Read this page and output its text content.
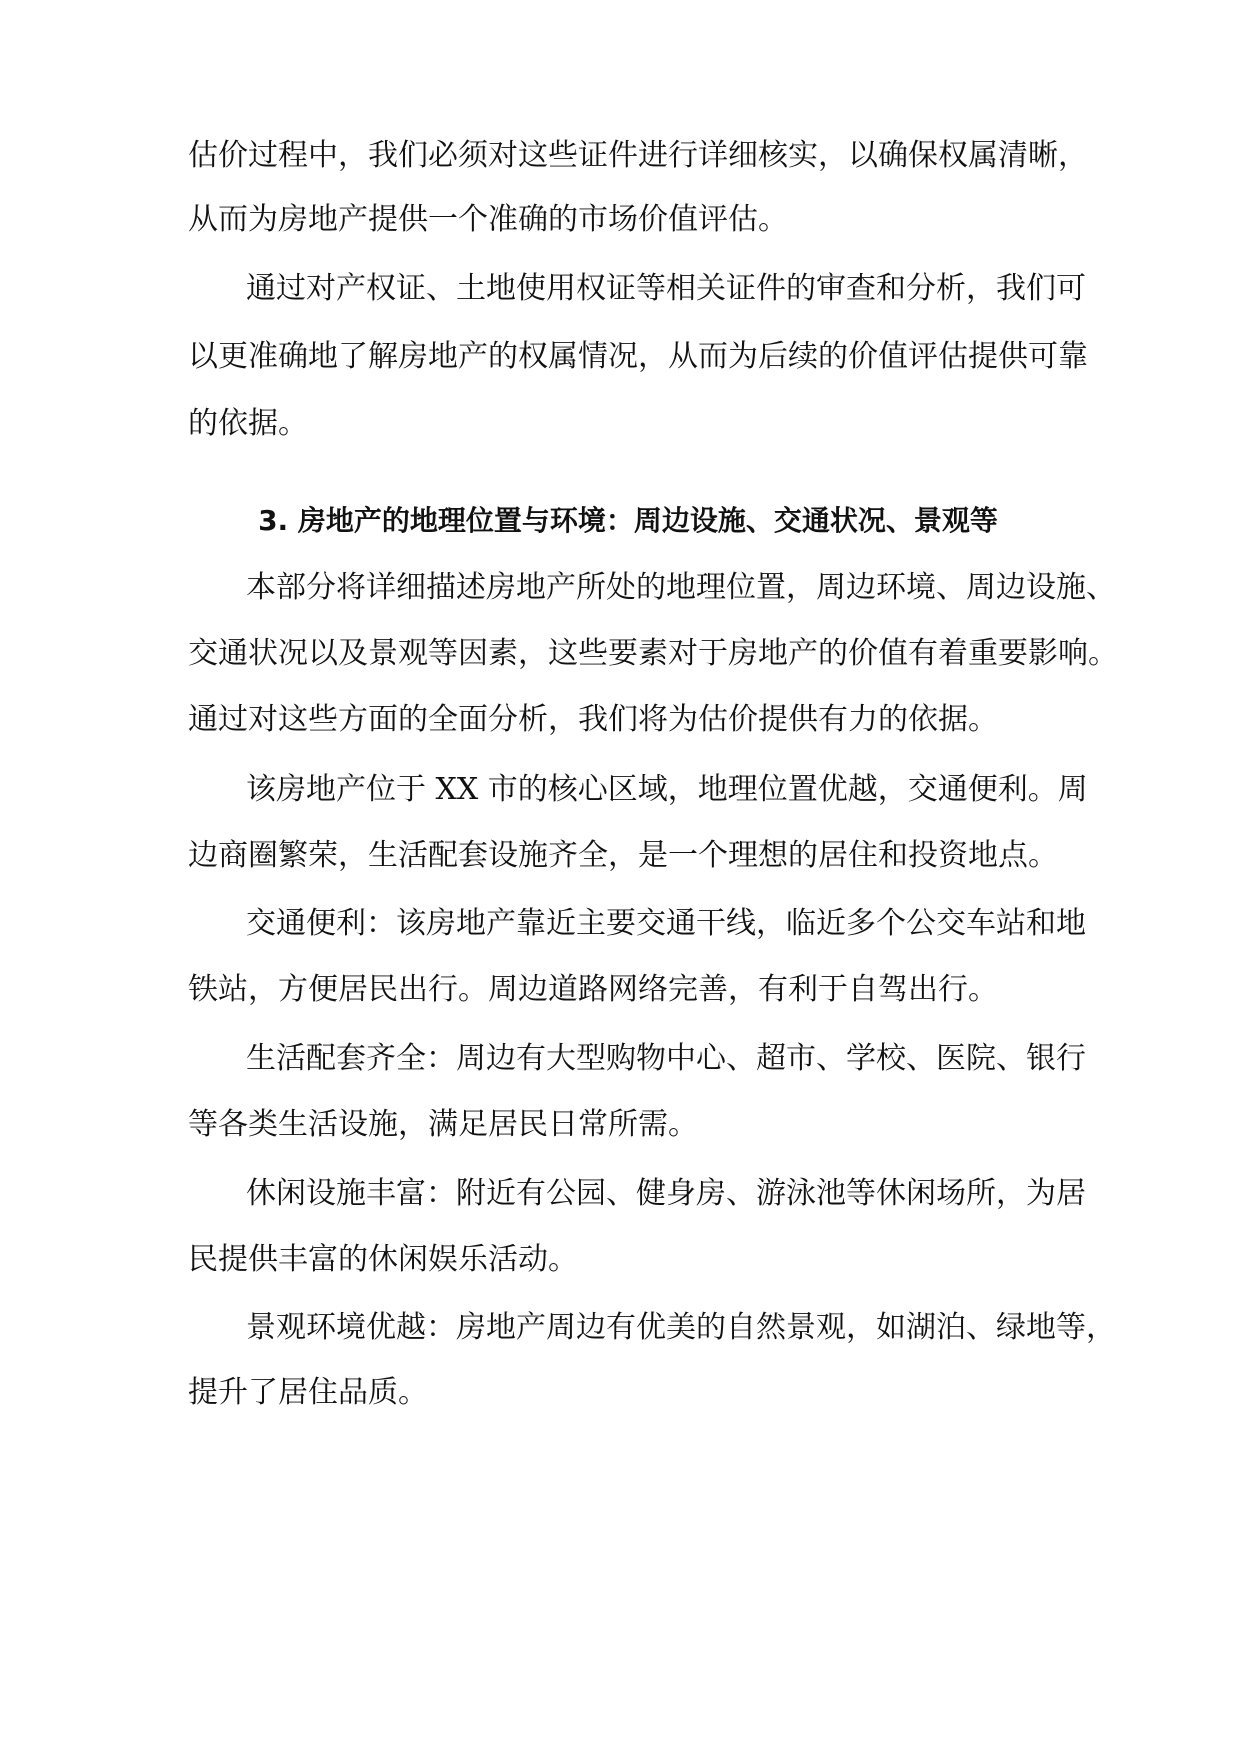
估价过程中，我们必须对这些证件进行详细核实，以确保权属清晰，

从而为房地产提供一个准确的市场价值评估。

通过对产权证、土地使用权证等相关证件的审查和分析，我们可

以更准确地了解房地产的权属情况，从而为后续的价值评估提供可靠

的依据。

3. 房地产的地理位置与环境：周边设施、交通状况、景观等

本部分将详细描述房地产所处的地理位置，周边环境、周边设施、

交通状况以及景观等因素，这些要素对于房地产的价值有着重要影响。

通过对这些方面的全面分析，我们将为估价提供有力的依据。

该房地产位于 XX 市的核心区域，地理位置优越，交通便利。周

边商圈繁荣，生活配套设施齐全，是一个理想的居住和投资地点。

交通便利：该房地产靠近主要交通干线，临近多个公交车站和地

铁站，方便居民出行。周边道路网络完善，有利于自驾出行。

生活配套齐全：周边有大型购物中心、超市、学校、医院、银行

等各类生活设施，满足居民日常所需。

休闲设施丰富：附近有公园、健身房、游泳池等休闲场所，为居

民提供丰富的休闲娱乐活动。

景观环境优越：房地产周边有优美的自然景观，如湖泊、绿地等，

提升了居住品质。
